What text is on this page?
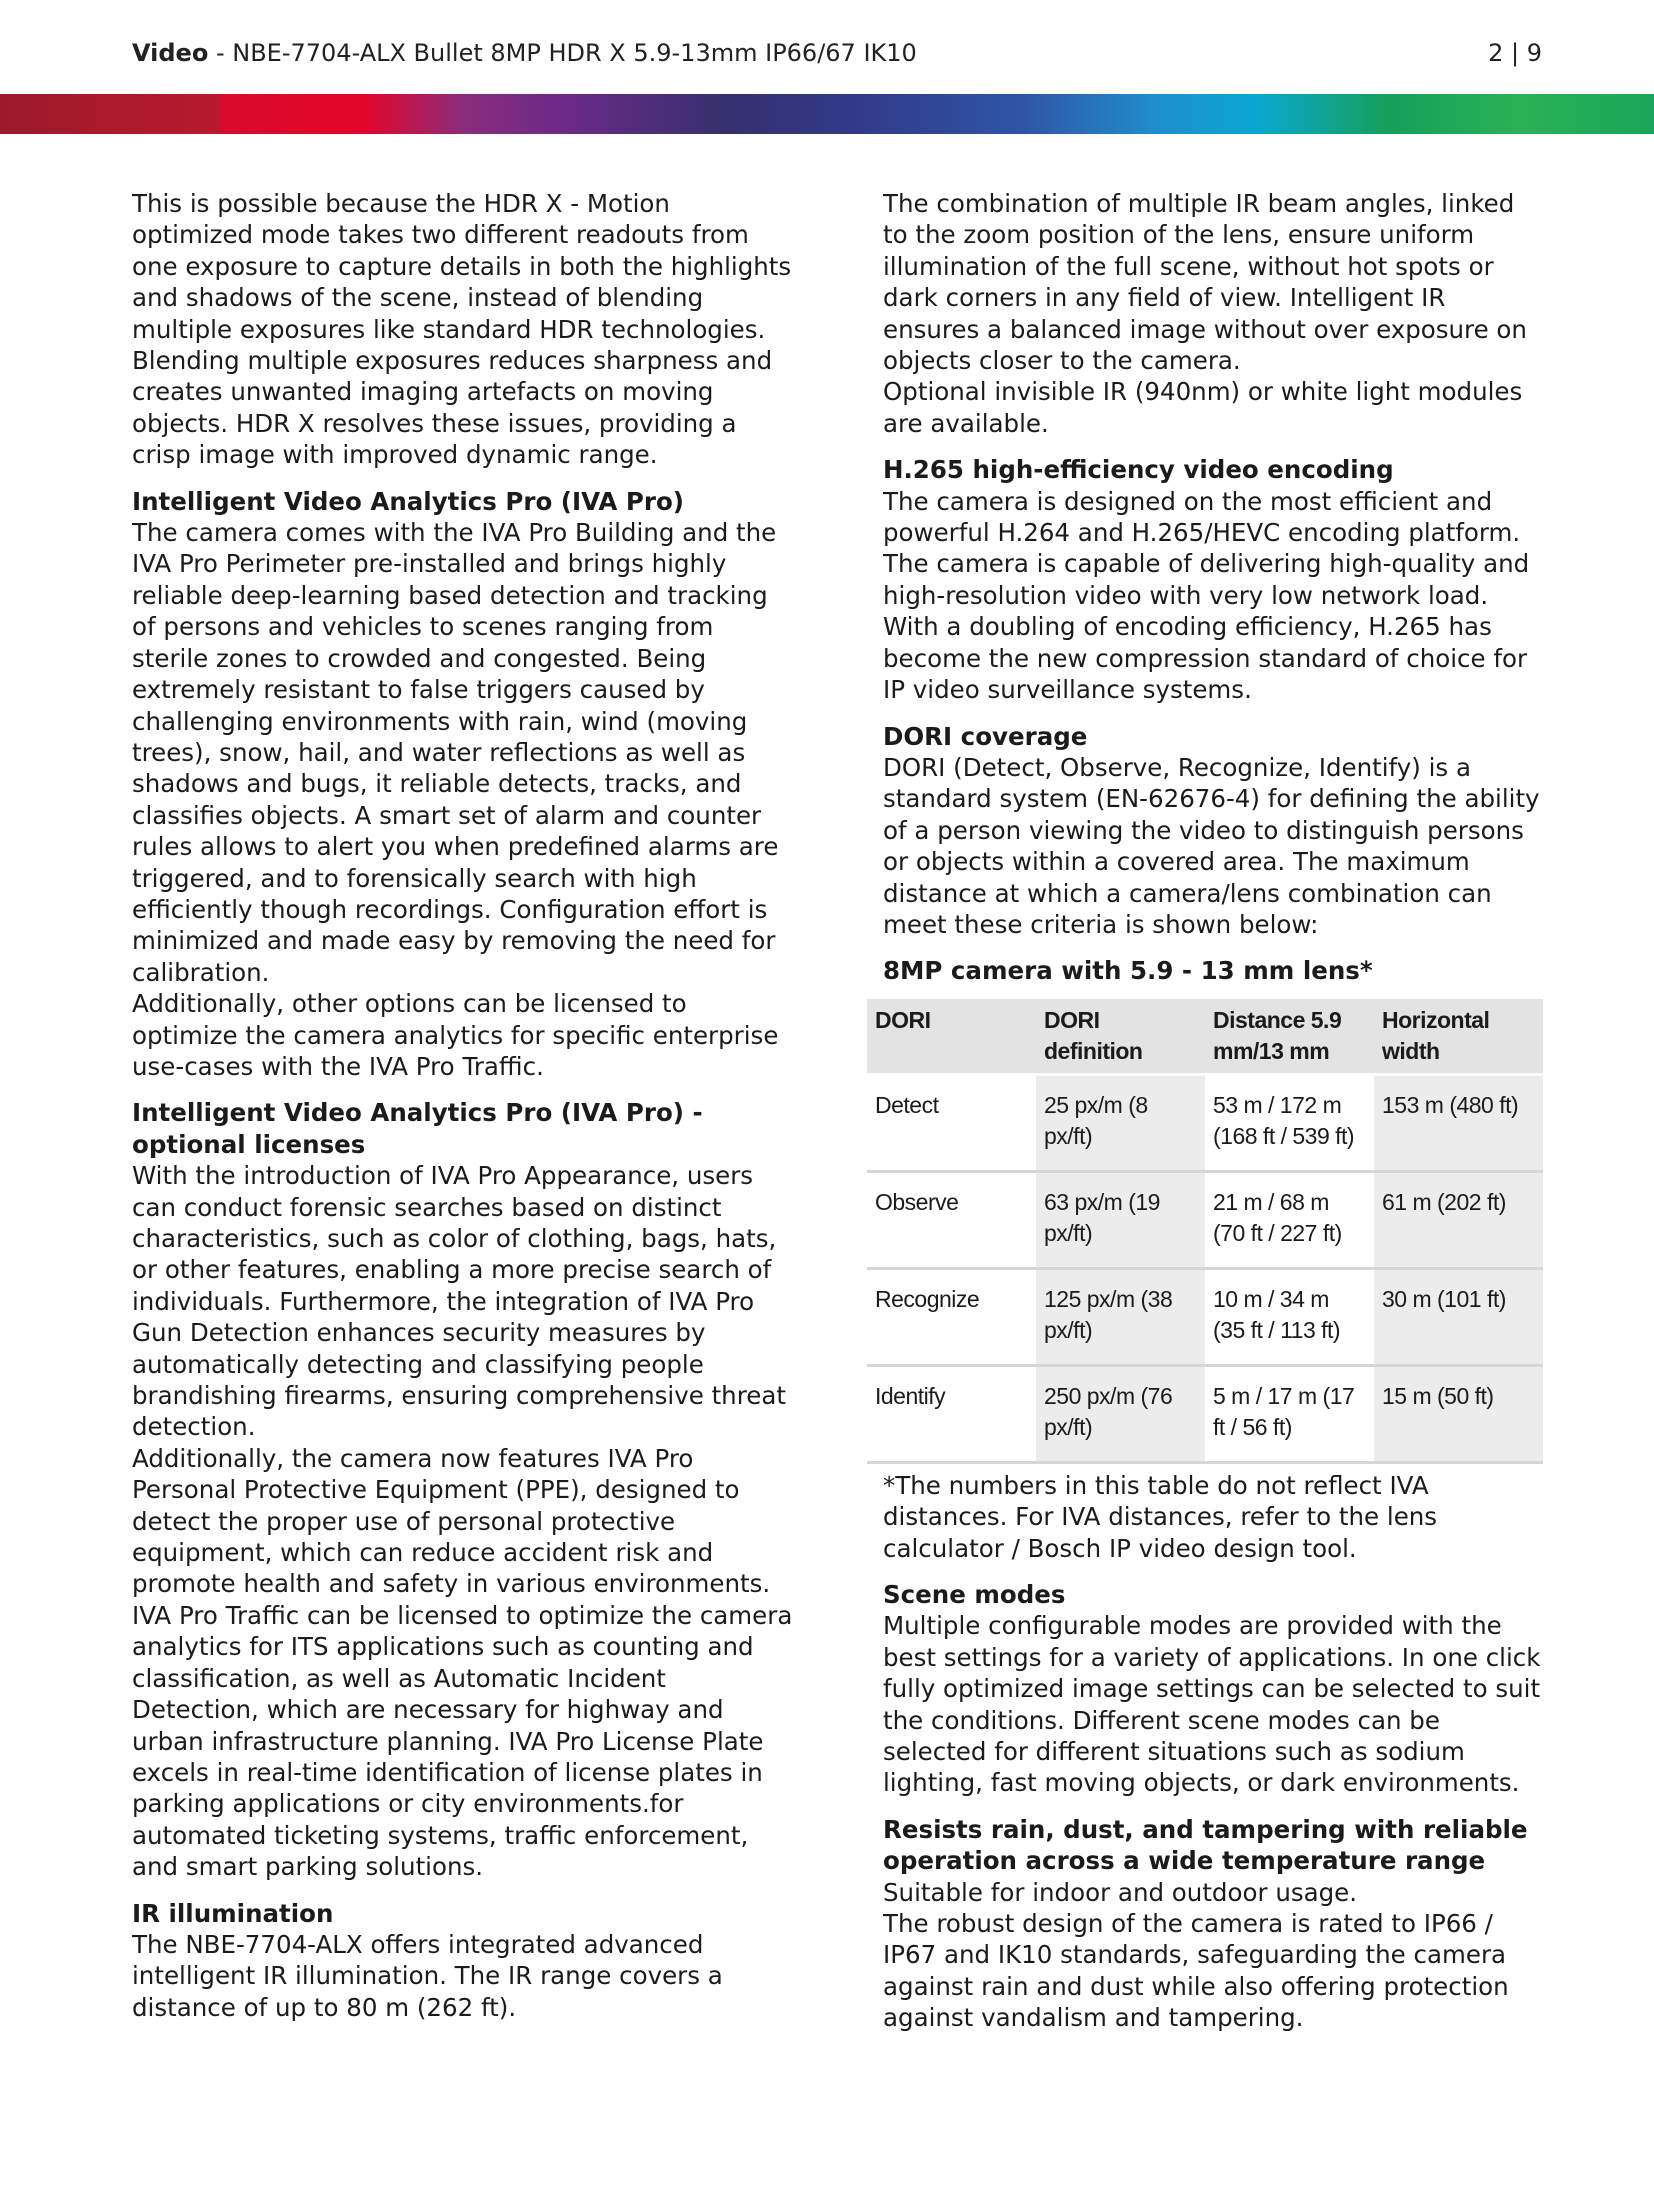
Video - NBE-7704-ALX Bullet 8MP HDR X 5.9-13mm IP66/67 IK10	2 | 9

This is possible because the HDR X - Motion optimized mode takes two different readouts from one exposure to capture details in both the highlights and shadows of the scene, instead of blending multiple exposures like standard HDR technologies. Blending multiple exposures reduces sharpness and creates unwanted imaging artefacts on moving objects. HDR X resolves these issues, providing a crisp image with improved dynamic range.

Intelligent Video Analytics Pro (IVA Pro)

The camera comes with the IVA Pro Building and the IVA Pro Perimeter pre-installed and brings highly reliable deep-learning based detection and tracking of persons and vehicles to scenes ranging from sterile zones to crowded and congested. Being extremely resistant to false triggers caused by challenging environments with rain, wind (moving trees), snow, hail, and water reflections as well as shadows and bugs, it reliable detects, tracks, and classifies objects. A smart set of alarm and counter rules allows to alert you when predefined alarms are triggered, and to forensically search with high efficiently though recordings. Configuration effort is minimized and made easy by removing the need for calibration.

Additionally, other options can be licensed to optimize the camera analytics for specific enterprise use-cases with the IVA Pro Traffic.

Intelligent Video Analytics Pro (IVA Pro) - optional licenses

With the introduction of IVA Pro Appearance, users can conduct forensic searches based on distinct characteristics, such as color of clothing, bags, hats, or other features, enabling a more precise search of individuals. Furthermore, the integration of IVA Pro Gun Detection enhances security measures by automatically detecting and classifying people brandishing firearms, ensuring comprehensive threat detection.

Additionally, the camera now features IVA Pro Personal Protective Equipment (PPE), designed to detect the proper use of personal protective equipment, which can reduce accident risk and promote health and safety in various environments. IVA Pro Traffic can be licensed to optimize the camera analytics for ITS applications such as counting and classification, as well as Automatic Incident Detection, which are necessary for highway and urban infrastructure planning. IVA Pro License Plate excels in real-time identification of license plates in parking applications or city environments.for automated ticketing systems, traffic enforcement, and smart parking solutions.

IR illumination

The NBE-7704-ALX offers integrated advanced intelligent IR illumination. The IR range covers a distance of up to 80 m (262 ft).

The combination of multiple IR beam angles, linked to the zoom position of the lens, ensure uniform illumination of the full scene, without hot spots or dark corners in any field of view. Intelligent IR ensures a balanced image without over exposure on objects closer to the camera.

Optional invisible IR (940nm) or white light modules are available.

H.265 high-efficiency video encoding

The camera is designed on the most efficient and powerful H.264 and H.265/HEVC encoding platform. The camera is capable of delivering high-quality and high-resolution video with very low network load. With a doubling of encoding efficiency, H.265 has become the new compression standard of choice for IP video surveillance systems.

DORI coverage

DORI (Detect, Observe, Recognize, Identify) is a standard system (EN-62676-4) for defining the ability of a person viewing the video to distinguish persons or objects within a covered area. The maximum distance at which a camera/lens combination can meet these criteria is shown below:

8MP camera with 5.9 - 13 mm lens*
DORI	DORI definition	Distance 5.9 mm/13 mm	Horizontal width
Detect	25 px/m (8 px/ft)	53 m / 172 m (168 ft / 539 ft)	153 m (480 ft)
Observe	63 px/m (19 px/ft)	21 m / 68 m (70 ft / 227 ft)	61 m (202 ft)
Recognize	125 px/m (38 px/ft)	10 m / 34 m (35 ft / 113 ft)	30 m (101 ft)
Identify	250 px/m (76 px/ft)	5 m / 17 m (17 ft / 56 ft)	15 m (50 ft)

*The numbers in this table do not reflect IVA distances. For IVA distances, refer to the lens calculator / Bosch IP video design tool.

Scene modes

Multiple configurable modes are provided with the best settings for a variety of applications. In one click fully optimized image settings can be selected to suit the conditions. Different scene modes can be selected for different situations such as sodium lighting, fast moving objects, or dark environments.

Resists rain, dust, and tampering with reliable operation across a wide temperature range

Suitable for indoor and outdoor usage.

The robust design of the camera is rated to IP66 / IP67 and IK10 standards, safeguarding the camera against rain and dust while also offering protection against vandalism and tampering.
